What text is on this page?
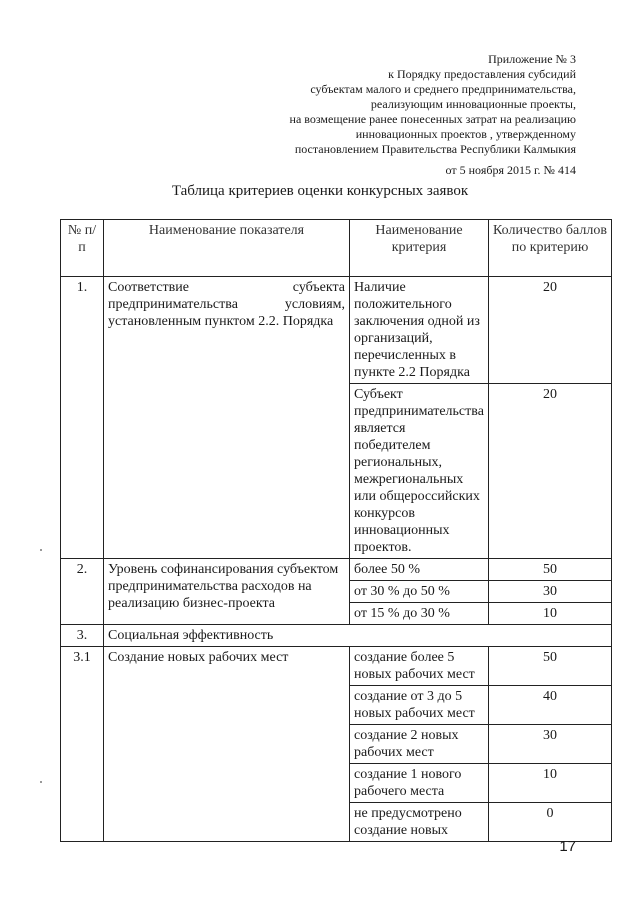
Приложение № 3
к Порядку предоставления субсидий
субъектам малого и среднего предпринимательства,
реализующим инновационные проекты,
на возмещение ранее понесенных затрат на реализацию
инновационных проектов , утвержденному
постановлением Правительства Республики Калмыкия
от 5 ноября 2015 г. № 414
Таблица критериев оценки конкурсных заявок
№ п/п	Наименование показателя	Наименование критерия	Количество баллов по критерию
1.	Соответствие субъекта предпринимательства условиям, установленным пунктом 2.2. Порядка	Наличие положительного заключения одной из организаций, перечисленных в пункте 2.2 Порядка	20
		Субъект предпринимательства является победителем региональных, межрегиональных или общероссийских конкурсов инновационных проектов.	20
2.	Уровень софинансирования субъектом предпринимательства расходов на реализацию бизнес-проекта	более 50 %	50
		от 30 % до 50 %	30
		от 15 % до 30 %	10
3.	Социальная эффективность		
3.1	Создание новых рабочих мест	создание более 5 новых рабочих мест	50
		создание от 3 до 5 новых рабочих мест	40
		создание 2 новых рабочих мест	30
		создание 1 нового рабочего места	10
		не предусмотрено создание новых	0
17
